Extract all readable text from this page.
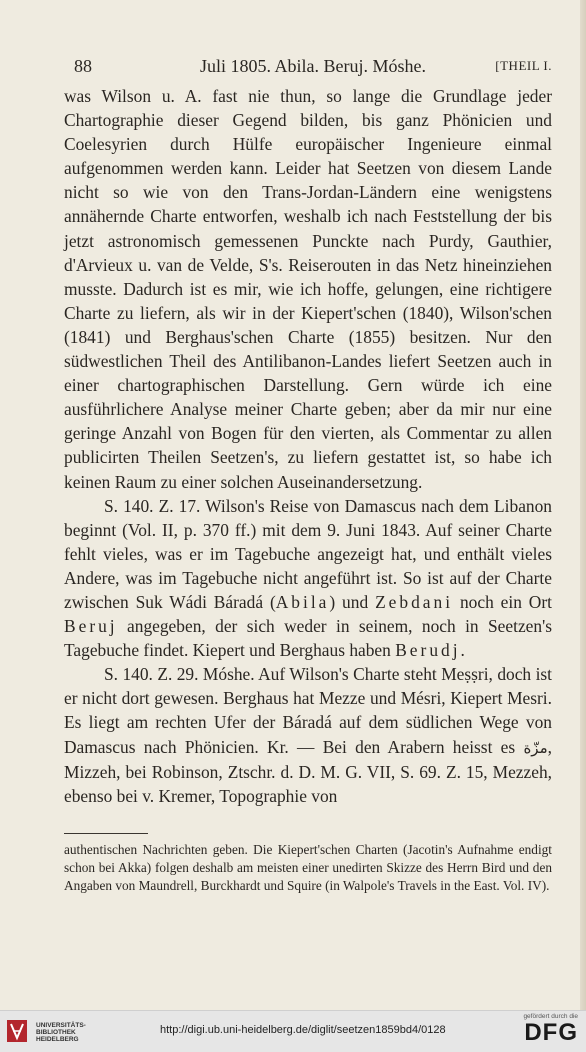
88	Juli 1805. Abila. Beruj. Móshe.	[THEIL I.

was Wilson u. A. fast nie thun, so lange die Grundlage jeder Chartographie dieser Gegend bilden, bis ganz Phönicien und Coelesyrien durch Hülfe europäischer Ingenieure einmal aufgenommen werden kann. Leider hat Seetzen von diesem Lande nicht so wie von den Trans-Jordan-Ländern eine wenigstens annähernde Charte entworfen, weshalb ich nach Feststellung der bis jetzt astronomisch gemessenen Punckte nach Purdy, Gauthier, d'Arvieux u. van de Velde, S's. Reiserouten in das Netz hineinziehen musste. Dadurch ist es mir, wie ich hoffe, gelungen, eine richtigere Charte zu liefern, als wir in der Kiepert'schen (1840), Wilson'schen (1841) und Berghaus'schen Charte (1855) besitzen. Nur den südwestlichen Theil des Antilibanon-Landes liefert Seetzen auch in einer chartographischen Darstellung. Gern würde ich eine ausführlichere Analyse meiner Charte geben; aber da mir nur eine geringe Anzahl von Bogen für den vierten, als Commentar zu allen publicirten Theilen Seetzen's, zu liefern gestattet ist, so habe ich keinen Raum zu einer solchen Auseinandersetzung.

S. 140. Z. 17. Wilson's Reise von Damascus nach dem Libanon beginnt (Vol. II, p. 370 ff.) mit dem 9. Juni 1843. Auf seiner Charte fehlt vieles, was er im Tagebuche angezeigt hat, und enthält vieles Andere, was im Tagebuche nicht angeführt ist. So ist auf der Charte zwischen Suk Wádi Báradá (Abila) und Zebdani noch ein Ort Beruj angegeben, der sich weder in seinem, noch in Seetzen's Tagebuche findet. Kiepert und Berghaus haben Berudj.

S. 140. Z. 29. Móshe. Auf Wilson's Charte steht Meṣṣri, doch ist er nicht dort gewesen. Berghaus hat Mezze und Mésri, Kiepert Mesri. Es liegt am rechten Ufer der Báradá auf dem südlichen Wege von Damascus nach Phönicien. Kr. — Bei den Arabern heisst es مزّة, Mizzeh, bei Robinson, Ztschr. d. D. M. G. VII, S. 69. Z. 15, Mezzeh, ebenso bei v. Kremer, Topographie von

authentischen Nachrichten geben. Die Kiepert'schen Charten (Jacotin's Aufnahme endigt schon bei Akka) folgen deshalb am meisten einer unedirten Skizze des Herrn Bird und den Angaben von Maundrell, Burckhardt und Squire (in Walpole's Travels in the East. Vol. IV).

UNIVERSITÄTS-
BIBLIOTHEK
HEIDELBERG
http://digi.ub.uni-heidelberg.de/diglit/seetzen1859bd4/0128
gefördert durch die
DFG
